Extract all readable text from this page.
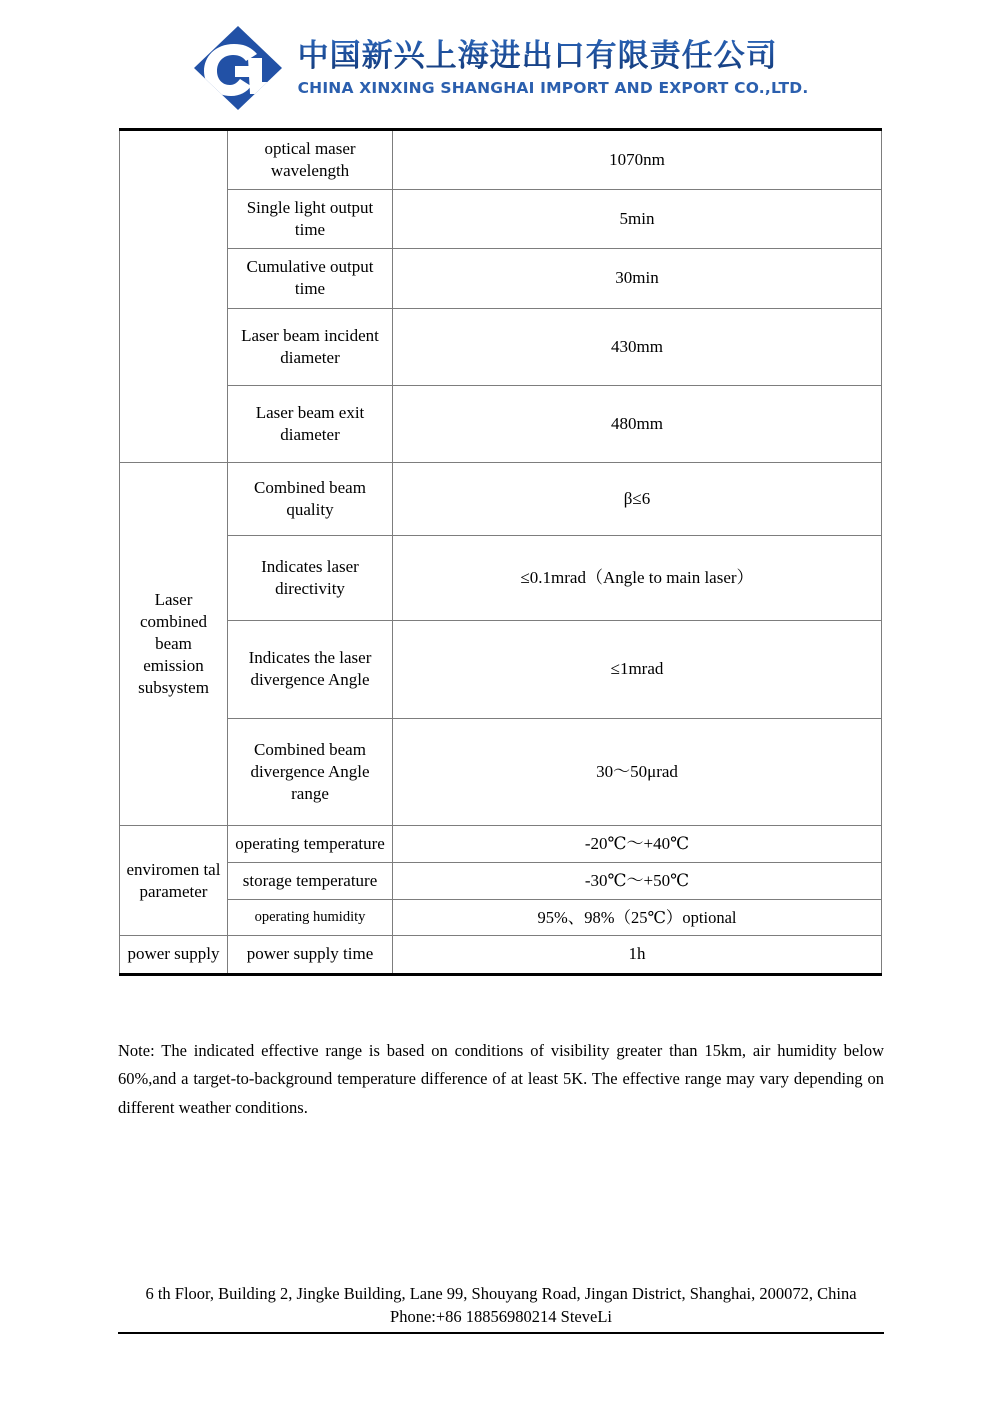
中国新兴上海进出口有限责任公司
CHINA XINXING SHANGHAI IMPORT AND EXPORT CO.,LTD.
	optical maser wavelength	1070nm
	Single light output time	5min
	Cumulative output time	30min
	Laser beam incident diameter	430mm
	Laser beam exit diameter	480mm
Laser combined beam emission subsystem	Combined beam quality	β≤6
	Indicates laser directivity	≤0.1mrad（Angle to main laser）
	Indicates the laser divergence Angle	≤1mrad
	Combined beam divergence Angle range	30～50μrad
enviromen tal parameter	operating temperature	-20℃～+40℃
	storage temperature	-30℃～+50℃
	operating humidity	95%、98%（25℃）optional
power supply	power supply time	1h
Note: The indicated effective range is based on conditions of visibility greater than 15km, air humidity below 60%,and a target-to-background temperature difference of at least 5K. The effective range may vary depending on different weather conditions.
6 th Floor, Building 2, Jingke Building, Lane 99, Shouyang Road, Jingan District, Shanghai, 200072, China
Phone:+86 18856980214 SteveLi
